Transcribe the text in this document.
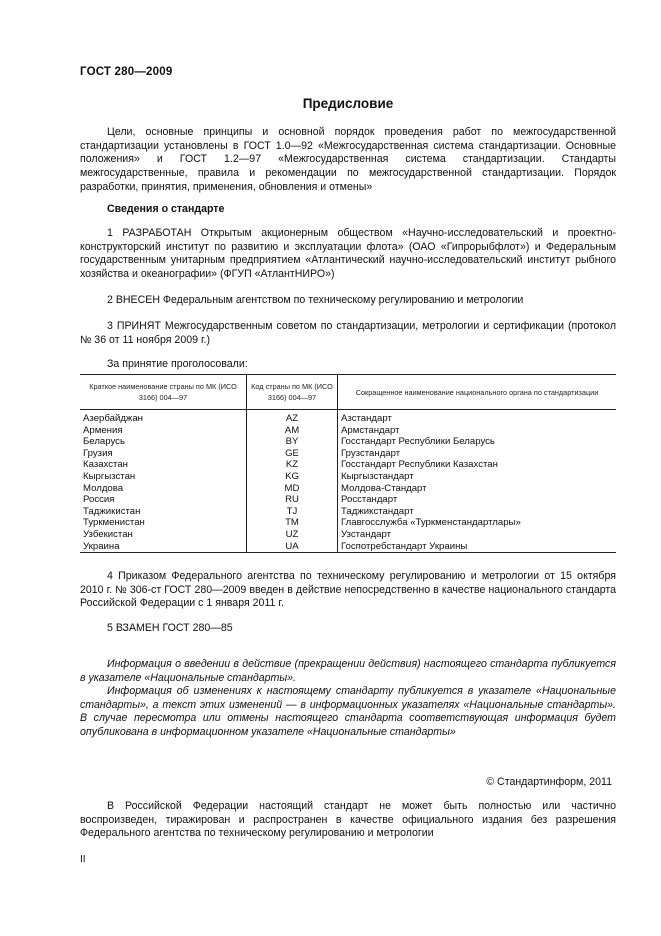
ГОСТ 280—2009
Предисловие
Цели, основные принципы и основной порядок проведения работ по межгосударственной стандартизации установлены в ГОСТ 1.0—92 «Межгосударственная система стандартизации. Основные положения» и ГОСТ 1.2—97 «Межгосударственная система стандартизации. Стандарты межгосударственные, правила и рекомендации по межгосударственной стандартизации. Порядок разработки, принятия, применения, обновления и отмены»
Сведения о стандарте
1 РАЗРАБОТАН Открытым акционерным обществом «Научно-исследовательский и проектно-конструкторский институт по развитию и эксплуатации флота» (ОАО «Гипрорыбфлот») и Федеральным государственным унитарным предприятием «Атлантический научно-исследовательский институт рыбного хозяйства и океанографии» (ФГУП «АтлантНИРО»)
2 ВНЕСЕН Федеральным агентством по техническому регулированию и метрологии
3 ПРИНЯТ Межгосударственным советом по стандартизации, метрологии и сертификации (протокол № 36 от 11 ноября 2009 г.)
За принятие проголосовали:
Краткое наименование страны по МК (ИСО 3166) 004—97	Код страны по МК (ИСО 3166) 004—97	Сокращенное наименование национального органа по стандартизации
Азербайджан	AZ	Азстандарт
Армения	AM	Армстандарт
Беларусь	BY	Госстандарт Республики Беларусь
Грузия	GE	Грузстандарт
Казахстан	KZ	Госстандарт Республики Казахстан
Кыргызстан	KG	Кыргызстандарт
Молдова	MD	Молдова-Стандарт
Россия	RU	Росстандарт
Таджикистан	TJ	Таджикстандарт
Туркменистан	TM	Главгосслужба «Туркменстандартлары»
Узбекистан	UZ	Узстандарт
Украина	UA	Госпотребстандарт Украины
4 Приказом Федерального агентства по техническому регулированию и метрологии от 15 октября 2010 г. № 306-ст ГОСТ 280—2009 введен в действие непосредственно в качестве национального стандарта Российской Федерации с 1 января 2011 г.
5 ВЗАМЕН ГОСТ 280—85
Информация о введении в действие (прекращении действия) настоящего стандарта публикуется в указателе «Национальные стандарты».
Информация об изменениях к настоящему стандарту публикуется в указателе «Национальные стандарты», а текст этих изменений — в информационных указателях «Национальные стандарты». В случае пересмотра или отмены настоящего стандарта соответствующая информация будет опубликована в информационном указателе «Национальные стандарты»
© Стандартинформ, 2011
В Российской Федерации настоящий стандарт не может быть полностью или частично воспроизведен, тиражирован и распространен в качестве официального издания без разрешения Федерального агентства по техническому регулированию и метрологии
II
